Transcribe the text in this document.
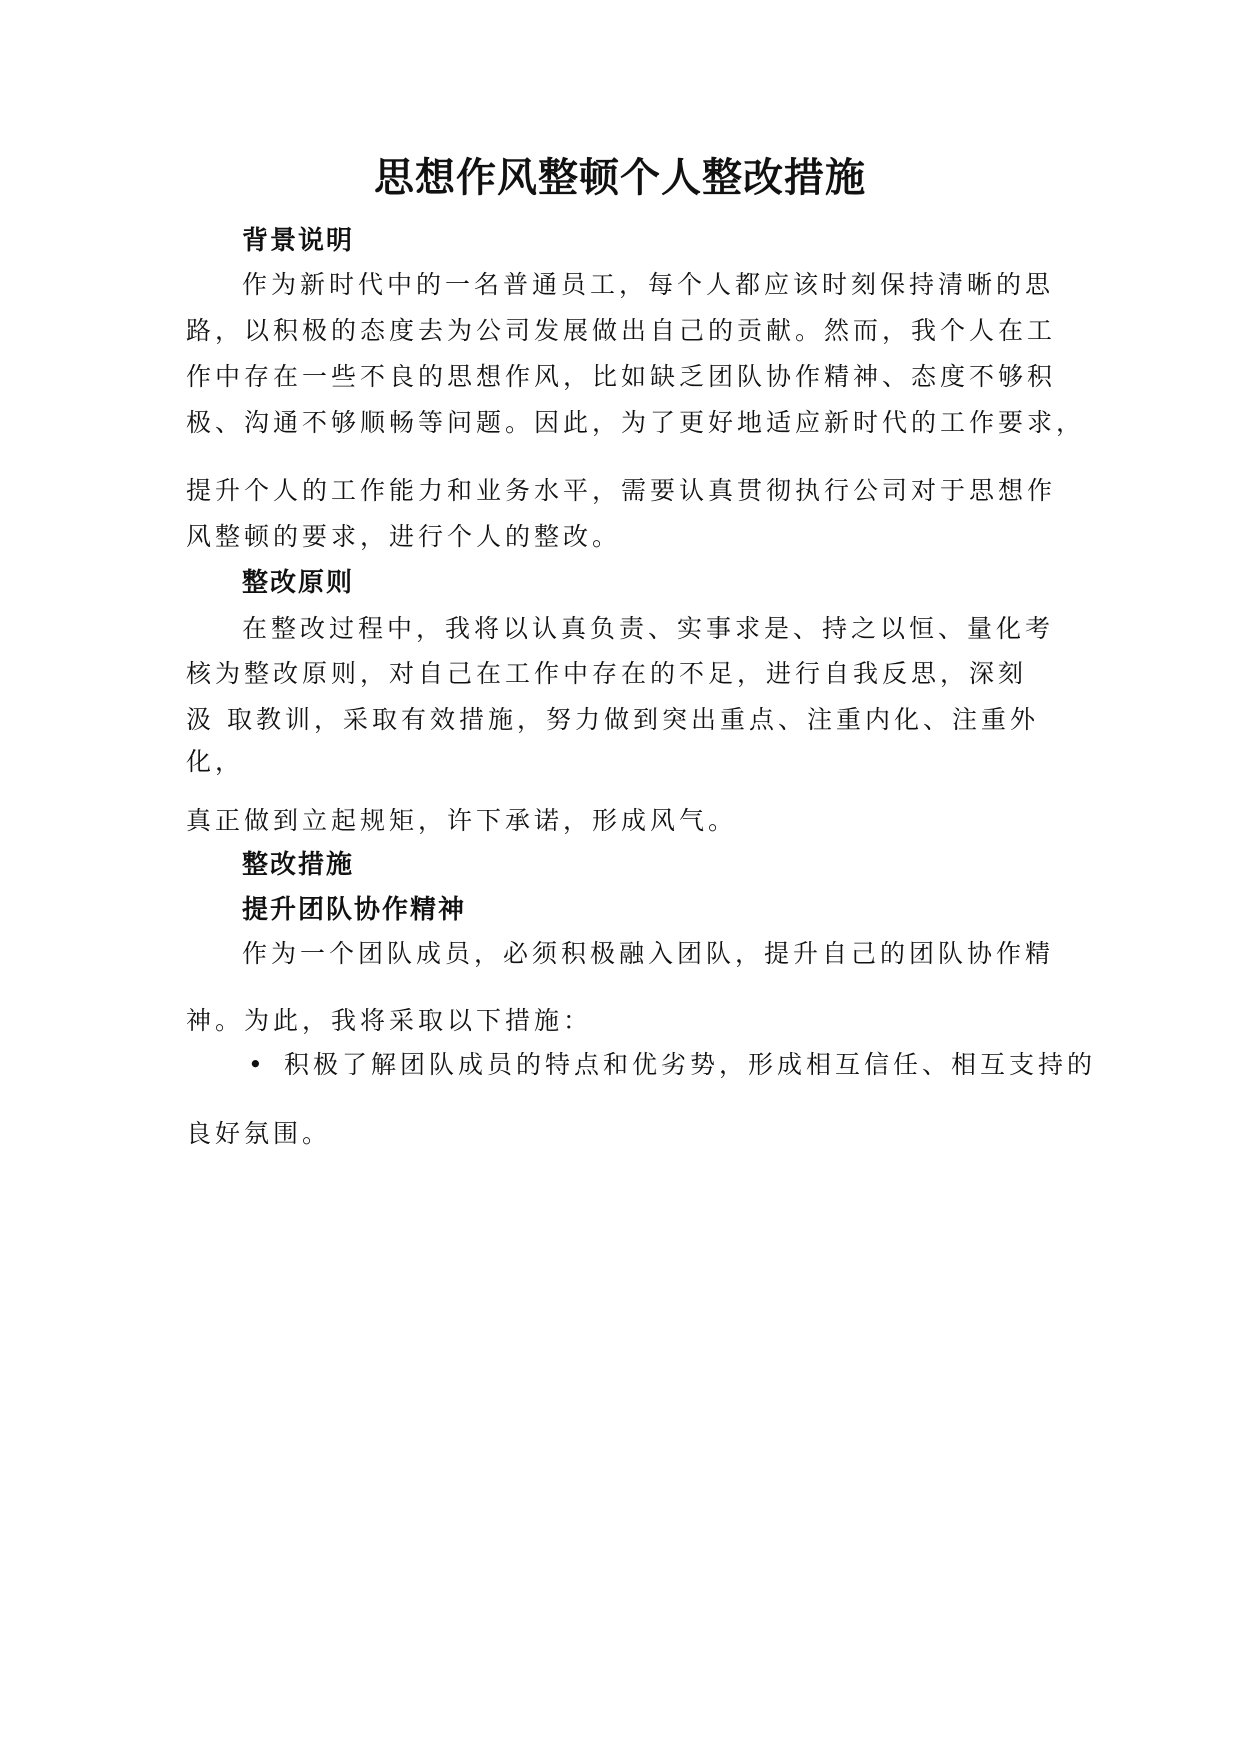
思想作风整顿个人整改措施
背景说明
作为新时代中的一名普通员工，每个人都应该时刻保持清晰的思
路，以积极的态度去为公司发展做出自己的贡献。然而，我个人在工
作中存在一些不良的思想作风，比如缺乏团队协作精神、态度不够积
极、沟通不够顺畅等问题。因此，为了更好地适应新时代的工作要求，
提升个人的工作能力和业务水平，需要认真贯彻执行公司对于思想作
风整顿的要求，进行个人的整改。
整改原则
在整改过程中，我将以认真负责、实事求是、持之以恒、量化考
核为整改原则，对自己在工作中存在的不足，进行自我反思，深刻
汲 取教训，采取有效措施，努力做到突出重点、注重内化、注重外
化，
真正做到立起规矩，许下承诺，形成风气。
整改措施
提升团队协作精神
作为一个团队成员，必须积极融入团队，提升自己的团队协作精
神。为此，我将采取以下措施：
• 积极了解团队成员的特点和优劣势，形成相互信任、相互支持的
良好氛围。
